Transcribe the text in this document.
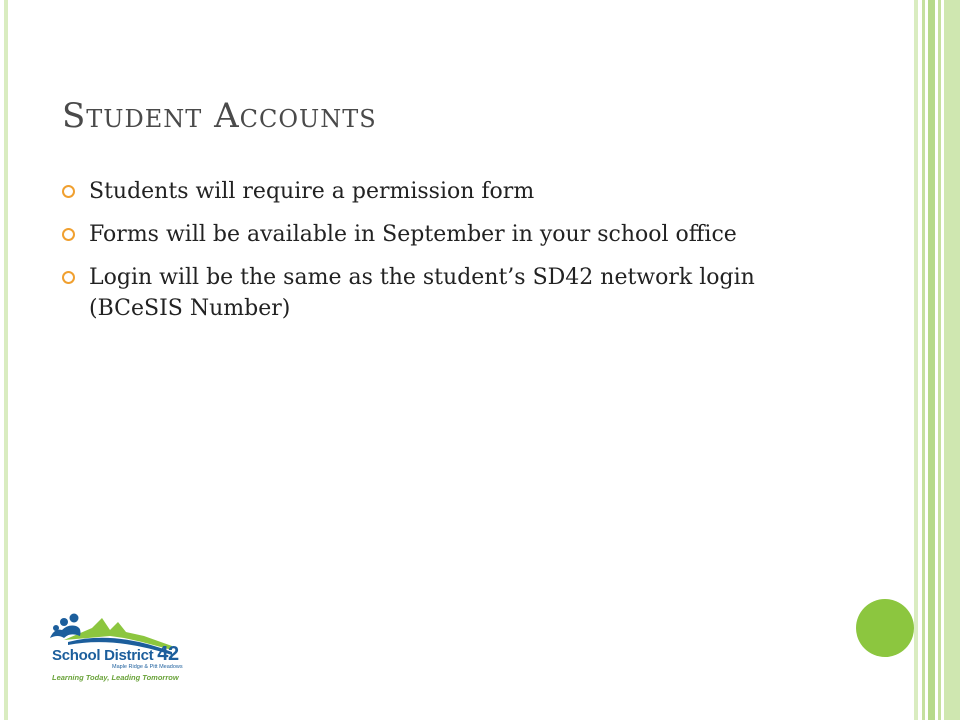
Student Accounts
Students will require a permission form
Forms will be available in September in your school office
Login will be the same as the student’s SD42 network login (BCeSIS Number)
School District 42
Maple Ridge & Pitt Meadows
Learning Today, Leading Tomorrow
